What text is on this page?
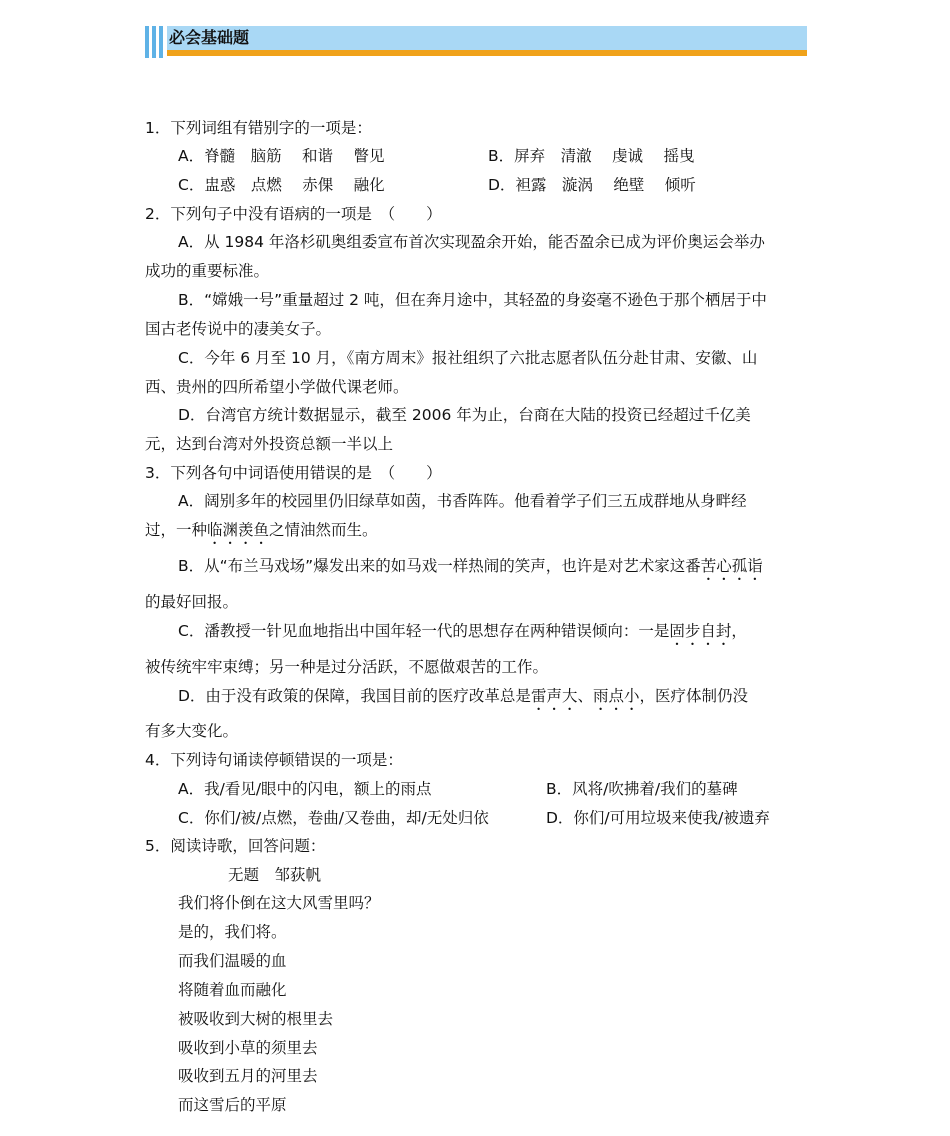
必会基础题
1．下列词组有错别字的一项是：
A．脊髓　脑筋　 和谐　 瞥见	B．屏弃　清澈　 虔诚　 摇曳
C．盅惑　点燃　 赤倮　 融化	D．袒露　漩涡　 绝壁　 倾听
2．下列句子中没有语病的一项是　（　　）
A．从 1984 年洛杉矶奥组委宣布首次实现盈余开始，能否盈余已成为评价奥运会举办
成功的重要标准。
B．“嫦娥一号”重量超过 2 吨，但在奔月途中，其轻盈的身姿毫不逊色于那个栖居于中
国古老传说中的凄美女子。
C．今年 6 月至 10 月，《南方周末》报社组织了六批志愿者队伍分赴甘肃、安徽、山
西、贵州的四所希望小学做代课老师。
D．台湾官方统计数据显示，截至 2006 年为止，台商在大陆的投资已经超过千亿美
元，达到台湾对外投资总额一半以上
3．下列各句中词语使用错误的是　（　　）
A．阔别多年的校园里仍旧绿草如茵，书香阵阵。他看着学子们三五成群地从身畔经
过，一种临渊羡鱼之情油然而生。
B．从“布兰马戏场”爆发出来的如马戏一样热闹的笑声，也许是对艺术家这番苦心孤诣
的最好回报。
C．潘教授一针见血地指出中国年轻一代的思想存在两种错误倾向：一是固步自封，
被传统牢牢束缚；另一种是过分活跃，不愿做艰苦的工作。
D．由于没有政策的保障，我国目前的医疗改革总是雷声大、雨点小，医疗体制仍没
有多大变化。
4．下列诗句诵读停顿错误的一项是：
A．我/看见/眼中的闪电，额上的雨点	B．风将/吹拂着/我们的墓碑
C．你们/被/点燃，卷曲/又卷曲，却/无处归依	D．你们/可用垃圾来使我/被遗弃
5．阅读诗歌，回答问题：
无题　邹荻帆
我们将仆倒在这大风雪里吗？
是的，我们将。
而我们温暖的血
将随着血而融化
被吸收到大树的根里去
吸收到小草的须里去
吸收到五月的河里去
而这雪后的平原
